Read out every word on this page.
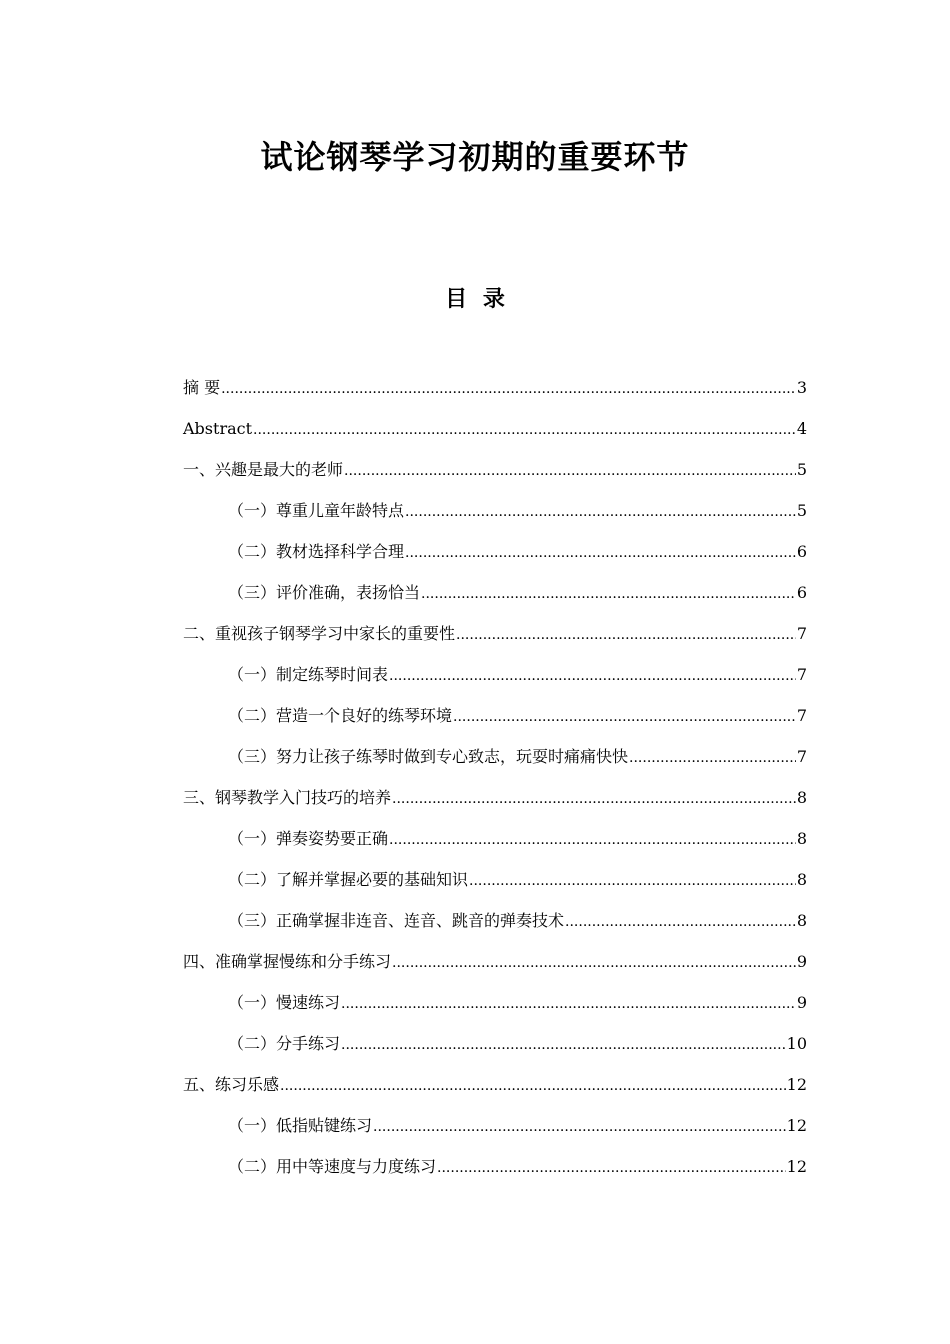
试论钢琴学习初期的重要环节
目 录
摘 要 .....	3
Abstract .....	4
一、兴趣是最大的老师 .....	5
（一）尊重儿童年龄特点 .....	5
（二）教材选择科学合理 .....	6
（三）评价准确，表扬恰当 .....	6
二、重视孩子钢琴学习中家长的重要性 .....	7
（一）制定练琴时间表 .....	7
（二）营造一个良好的练琴环境 .....	7
（三）努力让孩子练琴时做到专心致志，玩耍时痛痛快快 .....	7
三、钢琴教学入门技巧的培养 .....	8
（一）弹奏姿势要正确 .....	8
（二）了解并掌握必要的基础知识 .....	8
（三）正确掌握非连音、连音、跳音的弹奏技术 .....	8
四、准确掌握慢练和分手练习 .....	9
（一）慢速练习 .....	9
（二）分手练习 .....	10
五、练习乐感 .....	12
（一）低指贴键练习 .....	12
（二）用中等速度与力度练习 .....	12
